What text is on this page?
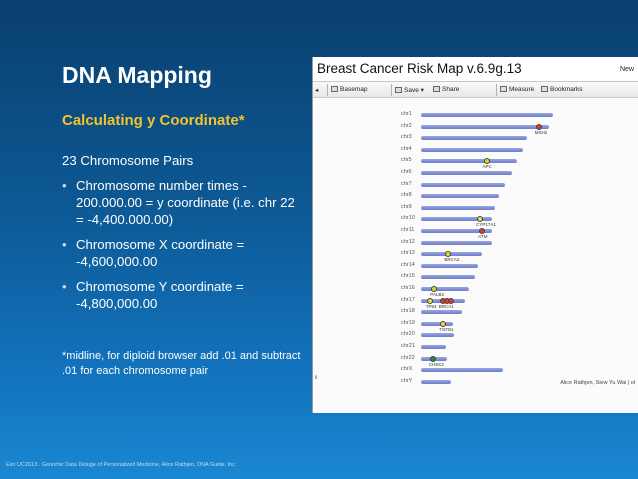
DNA Mapping
Calculating y Coordinate*
23 Chromosome Pairs
• Chromosome number times - 200.000.00 = y coordinate (i.e. chr 22 = -4,400.000.00)
• Chromosome X coordinate = -4,600,000.00
• Chromosome Y coordinate = -4,800,000.00
*midline, for diploid browser add .01 and subtract .01 for each chromosome pair
Esri UC2013 . Genomic Data Deluge of Personalized Medicine, Alice Rathjen, DNA Guide, Inc.
Breast Cancer Risk Map v.6.9g.13	New
◂	Basemap	Save ▾	Share	Measure	Bookmarks
chr1
chr2
chr3
chr4
chr5
chr6
chr7
chr8
chr9
chr10
chr11
chr12
chr13
chr14
chr15
chr16
chr17
chr18
chr19
chr20
chr21
chr22
chrX
chrY
MSH2
APC
CYP17A1
ATM
BRCA2
PALB2
TP53 BRCA1
TGFB1
CHEK2
il
Alice Rathjen, Siew Yu Wai | ol
